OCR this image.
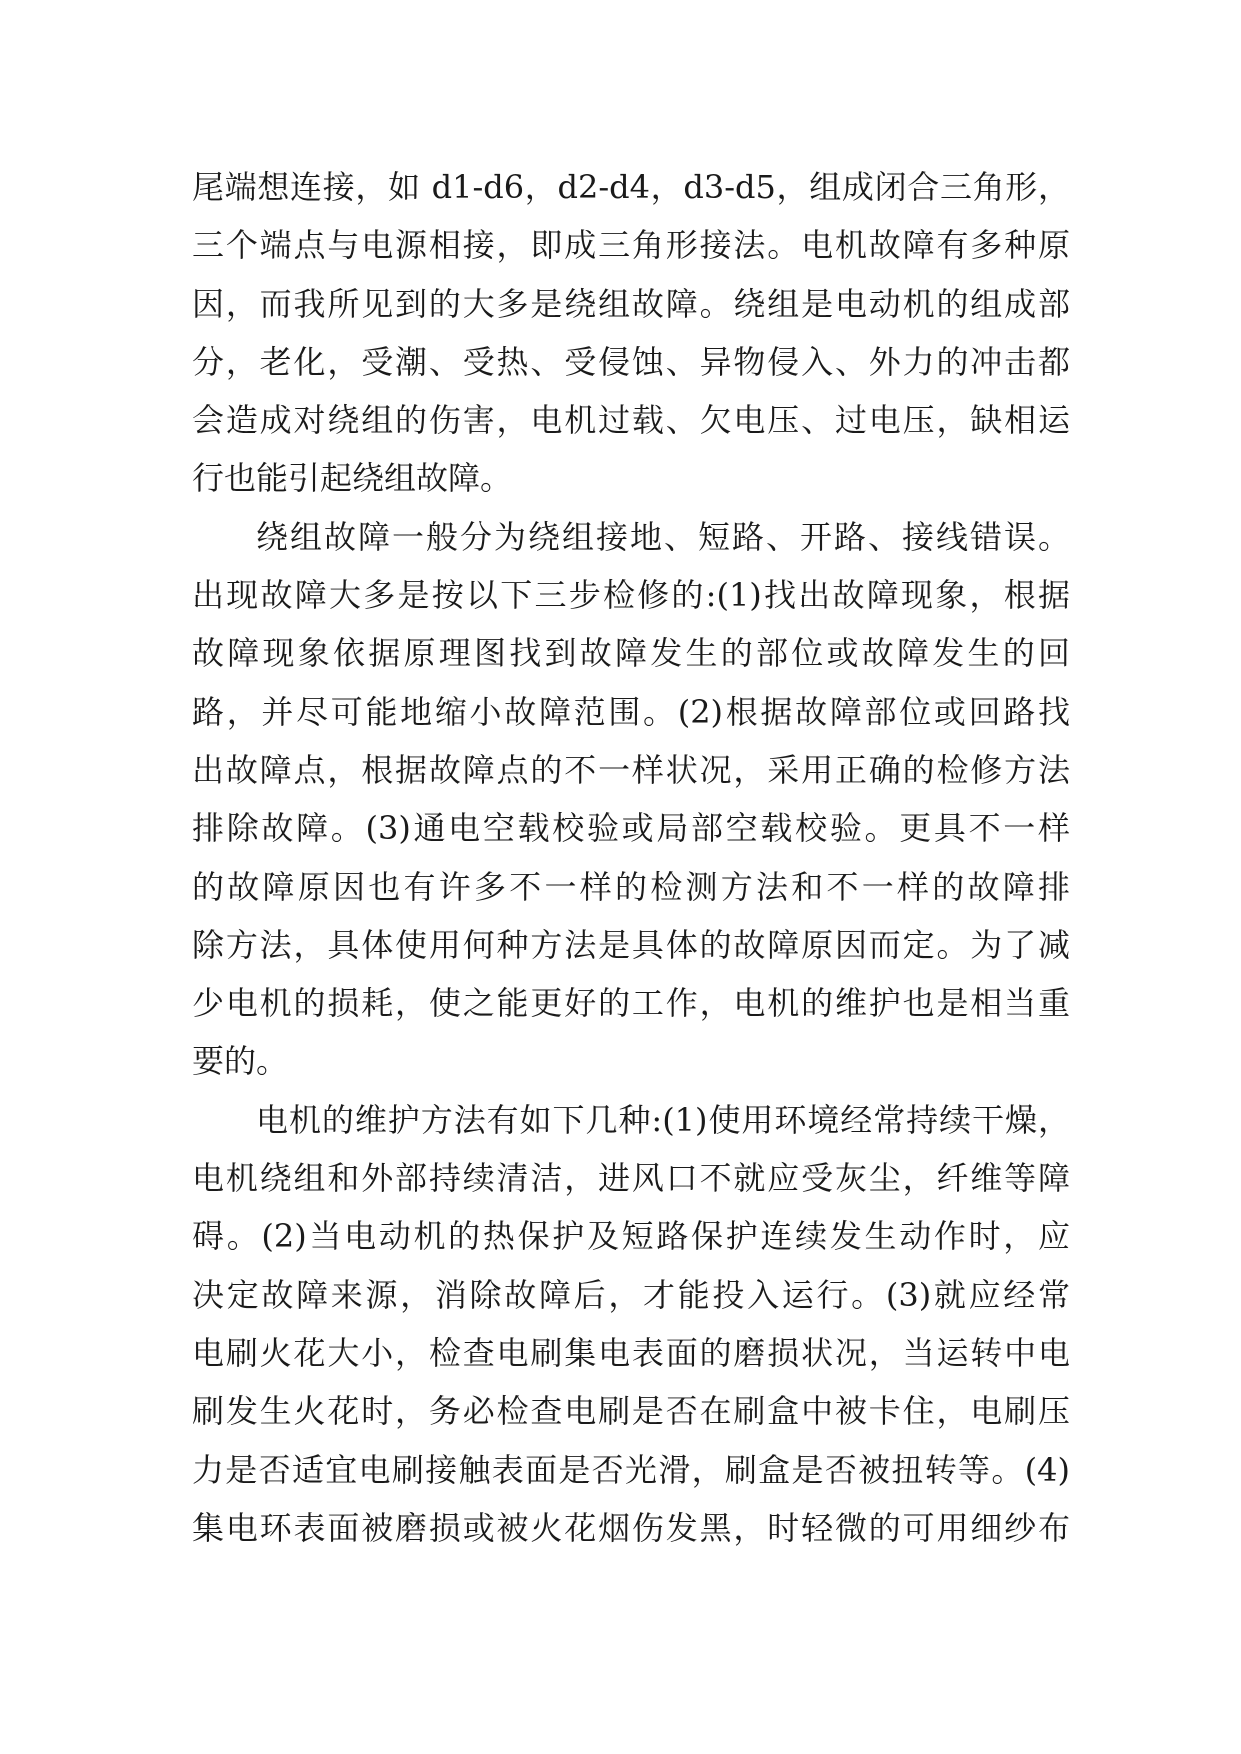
尾端想连接，如 d1-d6，d2-d4，d3-d5，组成闭合三角形，
三个端点与电源相接，即成三角形接法。电机故障有多种原
因，而我所见到的大多是绕组故障。绕组是电动机的组成部
分，老化，受潮、受热、受侵蚀、异物侵入、外力的冲击都
会造成对绕组的伤害，电机过载、欠电压、过电压，缺相运
行也能引起绕组故障。
绕组故障一般分为绕组接地、短路、开路、接线错误。
出现故障大多是按以下三步检修的:(1)找出故障现象，根据
故障现象依据原理图找到故障发生的部位或故障发生的回
路，并尽可能地缩小故障范围。(2)根据故障部位或回路找
出故障点，根据故障点的不一样状况，采用正确的检修方法
排除故障。(3)通电空载校验或局部空载校验。更具不一样
的故障原因也有许多不一样的检测方法和不一样的故障排
除方法，具体使用何种方法是具体的故障原因而定。为了减
少电机的损耗，使之能更好的工作，电机的维护也是相当重
要的。
电机的维护方法有如下几种:(1)使用环境经常持续干燥，
电机绕组和外部持续清洁，进风口不就应受灰尘，纤维等障
碍。(2)当电动机的热保护及短路保护连续发生动作时，应
决定故障来源，消除故障后，才能投入运行。(3)就应经常
电刷火花大小，检查电刷集电表面的磨损状况，当运转中电
刷发生火花时，务必检查电刷是否在刷盒中被卡住，电刷压
力是否适宜电刷接触表面是否光滑，刷盒是否被扭转等。(4)
集电环表面被磨损或被火花烟伤发黑，时轻微的可用细纱布
